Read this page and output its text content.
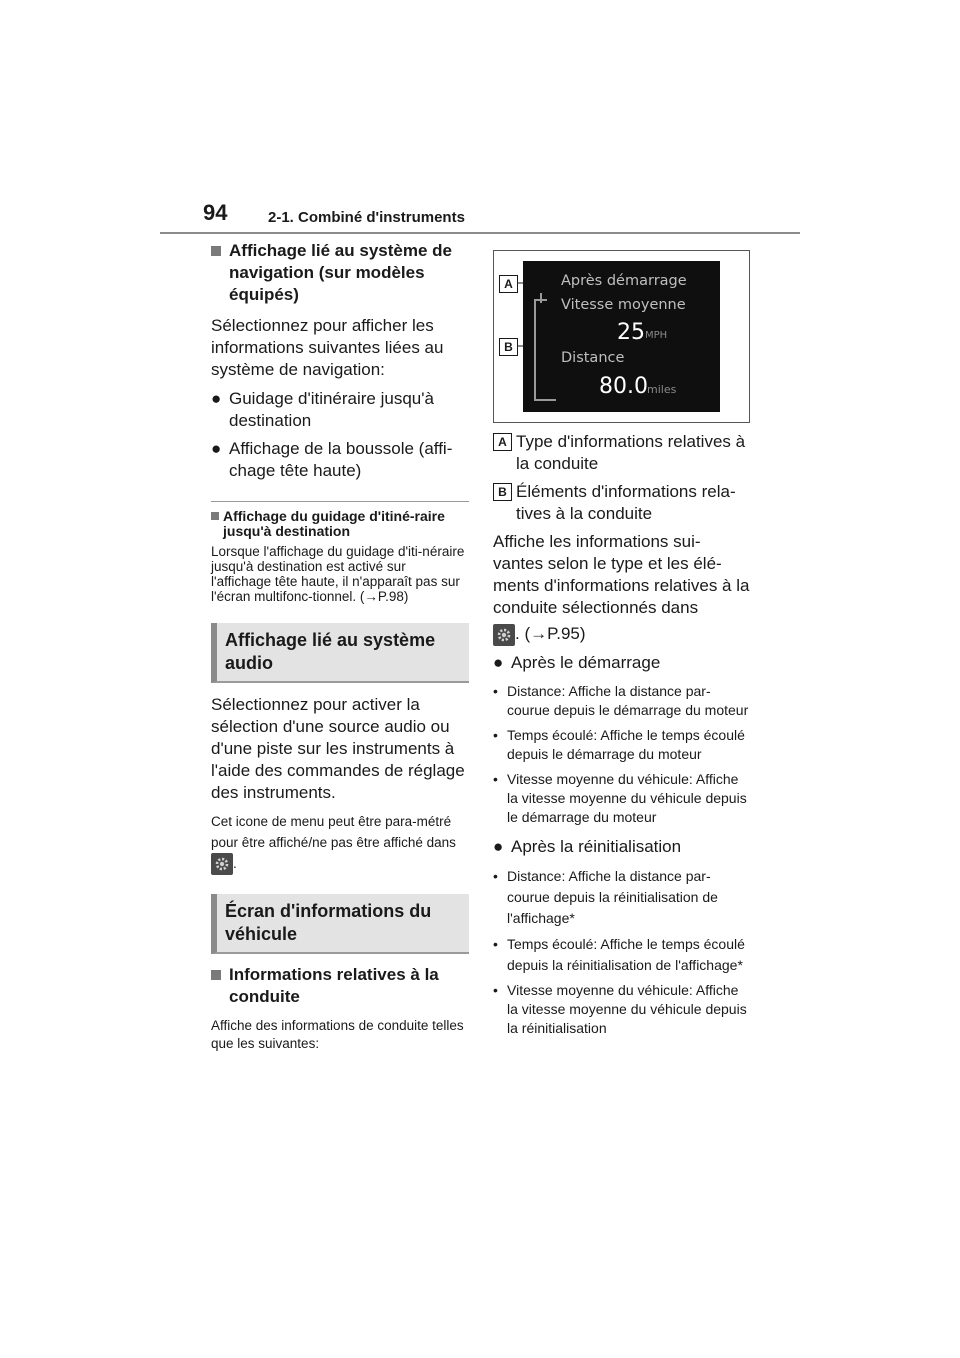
94	2-1. Combiné d'instruments

Affichage lié au système de navigation (sur modèles équipés)

Sélectionnez pour afficher les informations suivantes liées au système de navigation:

● Guidage d'itinéraire jusqu'à destination

● Affichage de la boussole (affi-chage tête haute)

Affichage du guidage d'itiné-raire jusqu'à destination

Lorsque l'affichage du guidage d'iti-néraire jusqu'à destination est activé sur l'affichage tête haute, il n'apparaît pas sur l'écran multifonc-tionnel. (→P.98)

Affichage lié au système audio

Sélectionnez pour activer la sélection d'une source audio ou d'une piste sur les instruments à l'aide des commandes de réglage des instruments.

Cet icone de menu peut être para-métré pour être affiché/ne pas être affiché dans
.

Écran d'informations du véhicule

Informations relatives à la conduite

Affiche des informations de conduite telles que les suivantes:

A
B
Après démarrage
Vitesse moyenne
25 MPH
Distance
80.0 miles

A Type d'informations relatives à la conduite

B Éléments d'informations rela-tives à la conduite

Affiche les informations sui-vantes selon le type et les élé-ments d'informations relatives à la conduite sélectionnés dans

. (→P.95)

● Après le démarrage

• Distance: Affiche la distance par-courue depuis le démarrage du moteur

• Temps écoulé: Affiche le temps écoulé depuis le démarrage du moteur

• Vitesse moyenne du véhicule: Affiche la vitesse moyenne du véhicule depuis le démarrage du moteur

● Après la réinitialisation

• Distance: Affiche la distance par-courue depuis la réinitialisation de l'affichage*

• Temps écoulé: Affiche le temps écoulé depuis la réinitialisation de l'affichage*

• Vitesse moyenne du véhicule: Affiche la vitesse moyenne du véhicule depuis la réinitialisation
